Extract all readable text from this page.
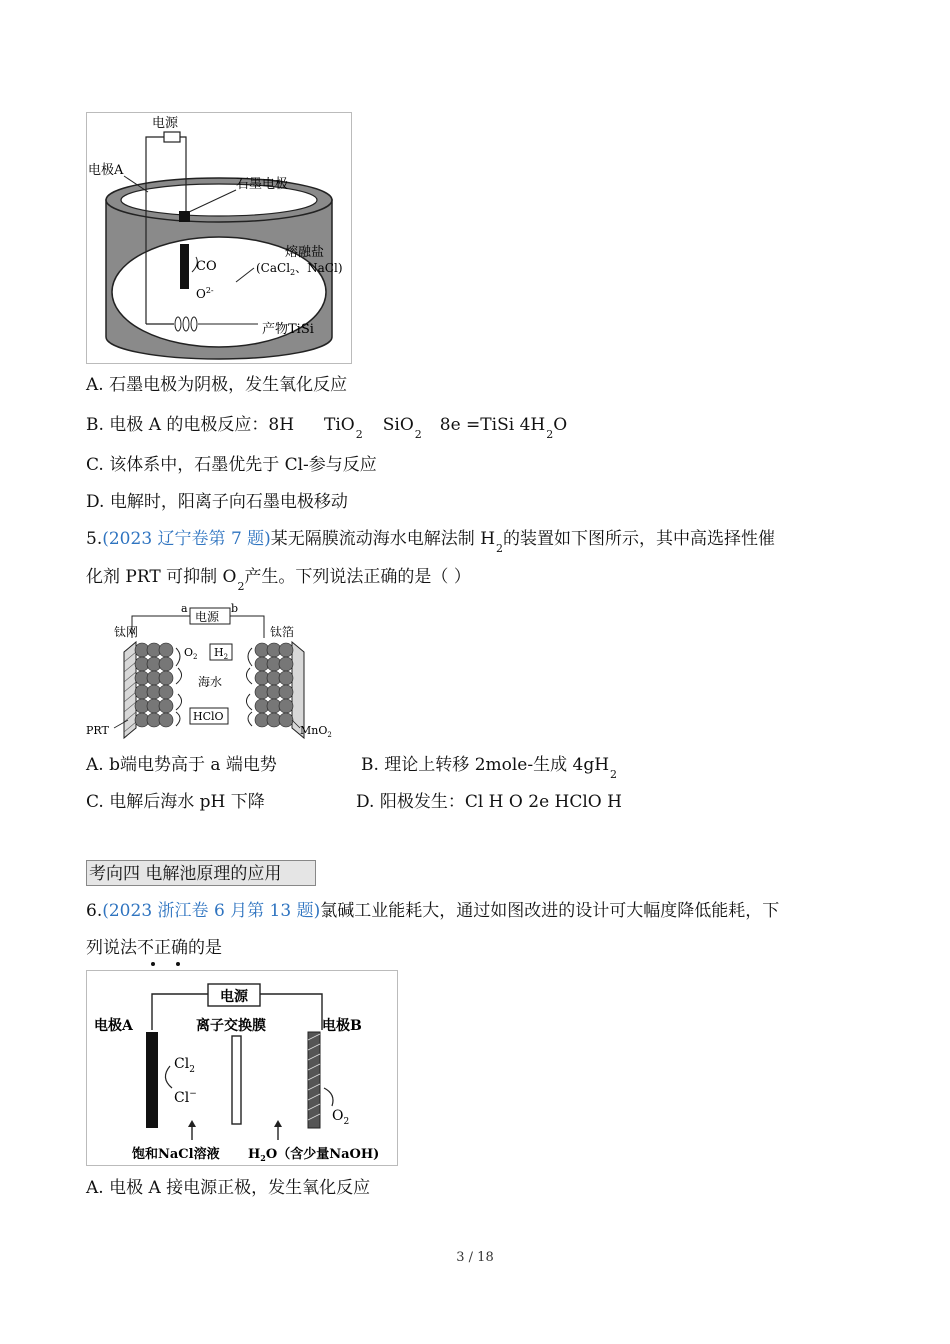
电源
电极A
石墨电极
熔融盐
(CaCl$_2$、NaCl)
CO
$O^{2-}$
产物TiSi
A. 石墨电极为阴极，发生氧化反应
B. 电极 A 的电极反应：8H TiO$_2$ SiO$_2$ 8e =TiSi $4H_2O$
C. 该体系中，石墨优先于 Cl-参与反应
D. 电解时，阳离子向石墨电极移动
5.(2023 辽宁卷第 7 题)某无隔膜流动海水电解法制 $H_2$的装置如下图所示，其中高选择性催
化剂 PRT 可抑制 $O_2$产生。下列说法正确的是（ ）
电源
a	b
钛网	钛箔
$O_2$ $H_2$
海水
HClO
PRT	MnO$_2$
A. b端电势高于 a 端电势	B. 理论上转移 2mole-生成 $4gH_2$
C. 电解后海水 pH 下降	D. 阳极发生：Cl H O 2e HClO H
考向四 电解池原理的应用
6.(2023 浙江卷 6 月第 13 题)氯碱工业能耗大，通过如图改进的设计可大幅度降低能耗，下
列说法不正确的是
电源
电极A	离子交换膜	电极B
$Cl_2$
Cl−
$O_2$
饱和NaCl溶液 $H_2O$（含少量NaOH)
A. 电极 A 接电源正极，发生氧化反应
3 / 18
